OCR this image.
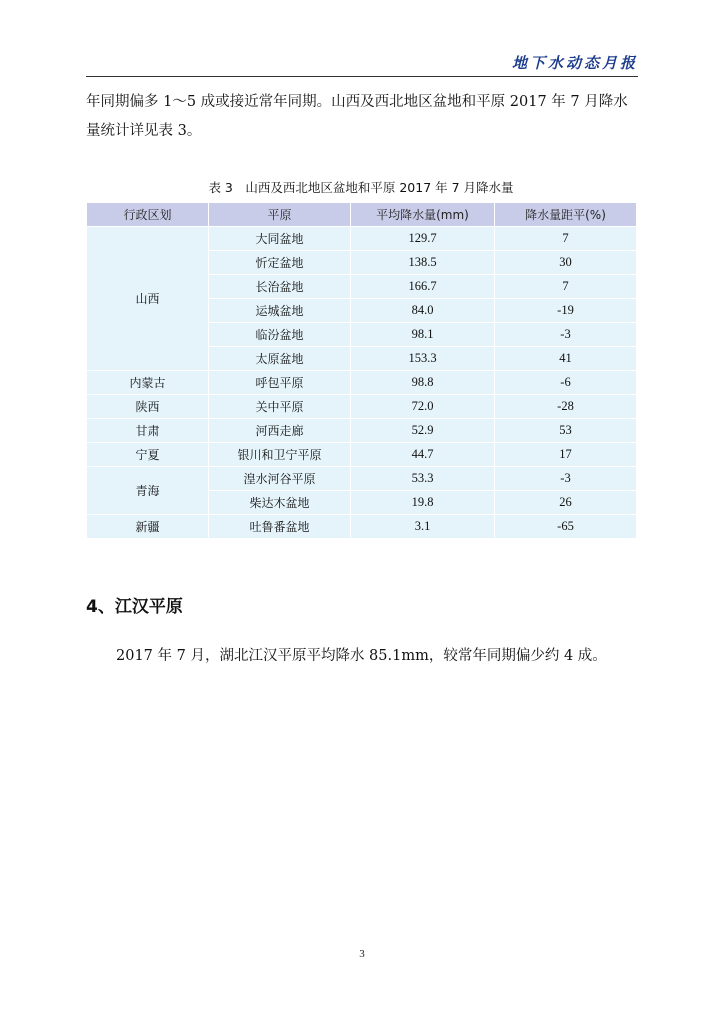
地下水动态月报
年同期偏多 1～5 成或接近常年同期。山西及西北地区盆地和平原 2017 年 7 月降水量统计详见表 3。
表 3　山西及西北地区盆地和平原 2017 年 7 月降水量
行政区划	平原	平均降水量(mm)	降水量距平(%)
山西	大同盆地	129.7	7
	忻定盆地	138.5	30
	长治盆地	166.7	7
	运城盆地	84.0	-19
	临汾盆地	98.1	-3
	太原盆地	153.3	41
内蒙古	呼包平原	98.8	-6
陕西	关中平原	72.0	-28
甘肃	河西走廊	52.9	53
宁夏	银川和卫宁平原	44.7	17
青海	湟水河谷平原	53.3	-3
	柴达木盆地	19.8	26
新疆	吐鲁番盆地	3.1	-65
4、江汉平原
2017 年 7 月，湖北江汉平原平均降水 85.1mm，较常年同期偏少约 4 成。
3
